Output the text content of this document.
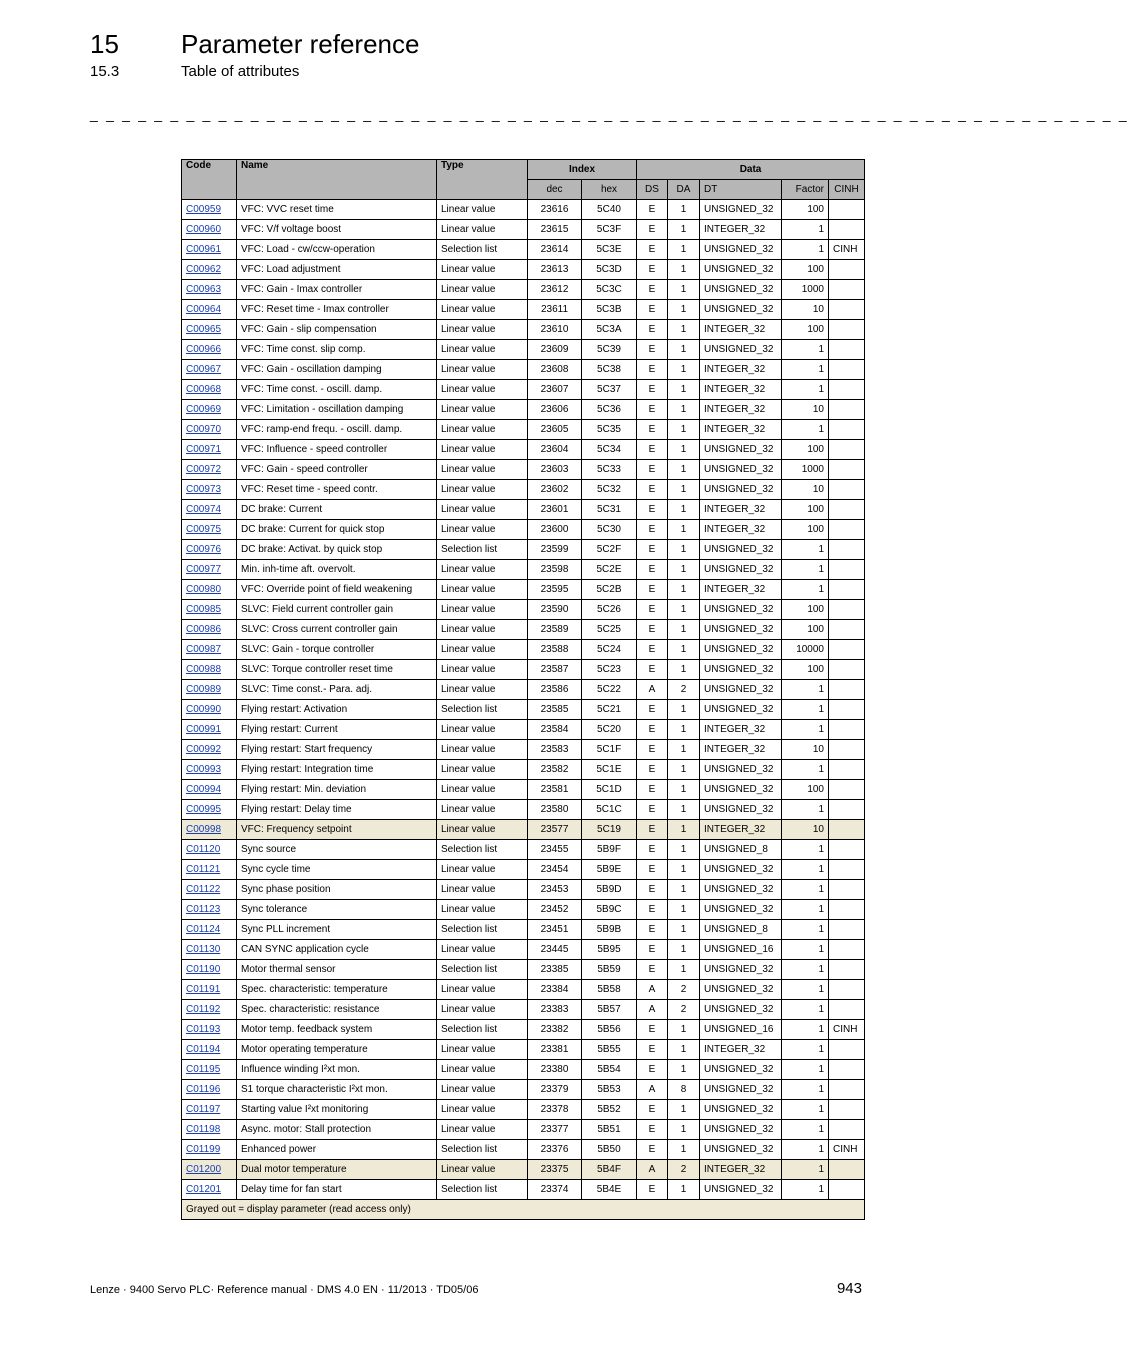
15 Parameter reference
15.3	Table of attributes
_ _ _ _ _ _ _ _ _ _ _ _ _ _ _ _ _ _ _ _ _ _ _ _ _ _ _ _ _ _ _ _ _ _ _ _ _ _ _ _ _ _ _ _ _ _ _ _ _ _ _ _ _ _ _ _ _ _ _ _ _ _ _ _ _
Code	Name	Type	Index		Data				
			dec	hex	DS	DA	DT	Factor	CINH
C00959	VFC: VVC reset time	Linear value	23616	5C40	E	1	UNSIGNED_32	100	
C00960	VFC: V/f voltage boost	Linear value	23615	5C3F	E	1	INTEGER_32	1	
C00961	VFC: Load - cw/ccw-operation	Selection list	23614	5C3E	E	1	UNSIGNED_32	1	CINH
C00962	VFC: Load adjustment	Linear value	23613	5C3D	E	1	UNSIGNED_32	100	
C00963	VFC: Gain - Imax controller	Linear value	23612	5C3C	E	1	UNSIGNED_32	1000	
C00964	VFC: Reset time - Imax controller	Linear value	23611	5C3B	E	1	UNSIGNED_32	10	
C00965	VFC: Gain - slip compensation	Linear value	23610	5C3A	E	1	INTEGER_32	100	
C00966	VFC: Time const. slip comp.	Linear value	23609	5C39	E	1	UNSIGNED_32	1	
C00967	VFC: Gain - oscillation damping	Linear value	23608	5C38	E	1	INTEGER_32	1	
C00968	VFC: Time const. - oscill. damp.	Linear value	23607	5C37	E	1	INTEGER_32	1	
C00969	VFC: Limitation - oscillation damping	Linear value	23606	5C36	E	1	INTEGER_32	10	
C00970	VFC: ramp-end frequ. - oscill. damp.	Linear value	23605	5C35	E	1	INTEGER_32	1	
C00971	VFC: Influence - speed controller	Linear value	23604	5C34	E	1	UNSIGNED_32	100	
C00972	VFC: Gain - speed controller	Linear value	23603	5C33	E	1	UNSIGNED_32	1000	
C00973	VFC: Reset time - speed contr.	Linear value	23602	5C32	E	1	UNSIGNED_32	10	
C00974	DC brake: Current	Linear value	23601	5C31	E	1	INTEGER_32	100	
C00975	DC brake: Current for quick stop	Linear value	23600	5C30	E	1	INTEGER_32	100	
C00976	DC brake: Activat. by quick stop	Selection list	23599	5C2F	E	1	UNSIGNED_32	1	
C00977	Min. inh-time aft. overvolt.	Linear value	23598	5C2E	E	1	UNSIGNED_32	1	
C00980	VFC: Override point of field weakening	Linear value	23595	5C2B	E	1	INTEGER_32	1	
C00985	SLVC: Field current controller gain	Linear value	23590	5C26	E	1	UNSIGNED_32	100	
C00986	SLVC: Cross current controller gain	Linear value	23589	5C25	E	1	UNSIGNED_32	100	
C00987	SLVC: Gain - torque controller	Linear value	23588	5C24	E	1	UNSIGNED_32	10000	
C00988	SLVC: Torque controller reset time	Linear value	23587	5C23	E	1	UNSIGNED_32	100	
C00989	SLVC: Time const.- Para. adj.	Linear value	23586	5C22	A	2	UNSIGNED_32	1	
C00990	Flying restart: Activation	Selection list	23585	5C21	E	1	UNSIGNED_32	1	
C00991	Flying restart: Current	Linear value	23584	5C20	E	1	INTEGER_32	1	
C00992	Flying restart: Start frequency	Linear value	23583	5C1F	E	1	INTEGER_32	10	
C00993	Flying restart: Integration time	Linear value	23582	5C1E	E	1	UNSIGNED_32	1	
C00994	Flying restart: Min. deviation	Linear value	23581	5C1D	E	1	UNSIGNED_32	100	
C00995	Flying restart: Delay time	Linear value	23580	5C1C	E	1	UNSIGNED_32	1	
C00998	VFC: Frequency setpoint	Linear value	23577	5C19	E	1	INTEGER_32	10	
C01120	Sync source	Selection list	23455	5B9F	E	1	UNSIGNED_8	1	
C01121	Sync cycle time	Linear value	23454	5B9E	E	1	UNSIGNED_32	1	
C01122	Sync phase position	Linear value	23453	5B9D	E	1	UNSIGNED_32	1	
C01123	Sync tolerance	Linear value	23452	5B9C	E	1	UNSIGNED_32	1	
C01124	Sync PLL increment	Selection list	23451	5B9B	E	1	UNSIGNED_8	1	
C01130	CAN SYNC application cycle	Linear value	23445	5B95	E	1	UNSIGNED_16	1	
C01190	Motor thermal sensor	Selection list	23385	5B59	E	1	UNSIGNED_32	1	
C01191	Spec. characteristic: temperature	Linear value	23384	5B58	A	2	UNSIGNED_32	1	
C01192	Spec. characteristic: resistance	Linear value	23383	5B57	A	2	UNSIGNED_32	1	
C01193	Motor temp. feedback system	Selection list	23382	5B56	E	1	UNSIGNED_16	1	CINH
C01194	Motor operating temperature	Linear value	23381	5B55	E	1	INTEGER_32	1	
C01195	Influence winding I²xt mon.	Linear value	23380	5B54	E	1	UNSIGNED_32	1	
C01196	S1 torque characteristic I²xt mon.	Linear value	23379	5B53	A	8	UNSIGNED_32	1	
C01197	Starting value I²xt monitoring	Linear value	23378	5B52	E	1	UNSIGNED_32	1	
C01198	Async. motor: Stall protection	Linear value	23377	5B51	E	1	UNSIGNED_32	1	
C01199	Enhanced power	Selection list	23376	5B50	E	1	UNSIGNED_32	1	CINH
C01200	Dual motor temperature	Linear value	23375	5B4F	A	2	INTEGER_32	1	
C01201	Delay time for fan start	Selection list	23374	5B4E	E	1	UNSIGNED_32	1	
Grayed out = display parameter (read access only)									
Lenze · 9400 Servo PLC· Reference manual · DMS 4.0 EN · 11/2013 · TD05/06	943
